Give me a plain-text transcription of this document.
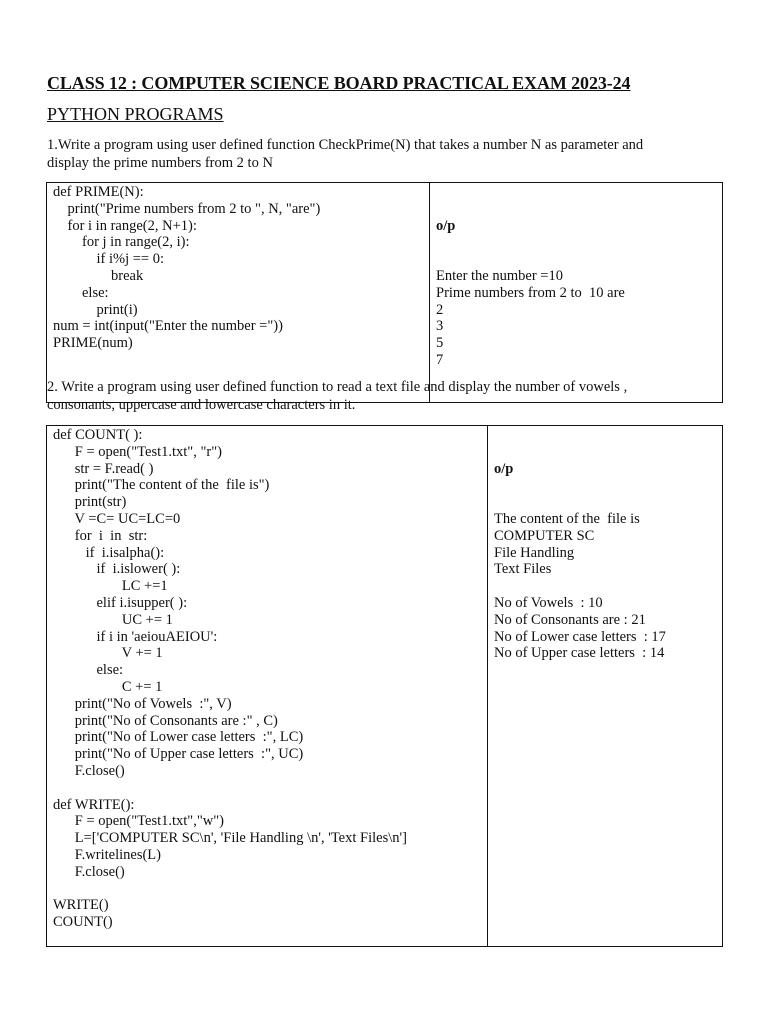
CLASS 12 : COMPUTER SCIENCE BOARD PRACTICAL EXAM 2023-24
PYTHON PROGRAMS
1.Write a program using user defined function CheckPrime(N) that takes a number N as parameter and
display the prime numbers from 2 to N
def PRIME(N):
print("Prime numbers from 2 to ", N, "are")
for i in range(2, N+1):
for j in range(2, i):
if i%j == 0:
break
else:
print(i)
num = int(input("Enter the number ="))
PRIME(num)

o/p

Enter the number =10
Prime numbers from 2 to  10 are
2
3
5
7

2. Write a program using user defined function to read a text file and display the number of vowels ,
consonants, uppercase and lowercase characters in it.
def COUNT( ):
F = open("Test1.txt", "r")
str = F.read( )
print("The content of the  file is")
print(str)
V =C= UC=LC=0
for  i  in  str:
if  i.isalpha():
if  i.islower( ):
LC +=1
elif i.isupper( ):
UC += 1
if i in 'aeiouAEIOU':
V += 1
else:
C += 1
print("No of Vowels  :", V)
print("No of Consonants are :" , C)
print("No of Lower case letters  :", LC)
print("No of Upper case letters  :", UC)
F.close()
def WRITE():
F = open("Test1.txt","w")
L=['COMPUTER SC\n', 'File Handling \n', 'Text Files\n']
F.writelines(L)
F.close()
WRITE()
COUNT()

o/p

The content of the  file is
COMPUTER SC
File Handling
Text Files
No of Vowels  : 10
No of Consonants are : 21
No of Lower case letters  : 17
No of Upper case letters  : 14
